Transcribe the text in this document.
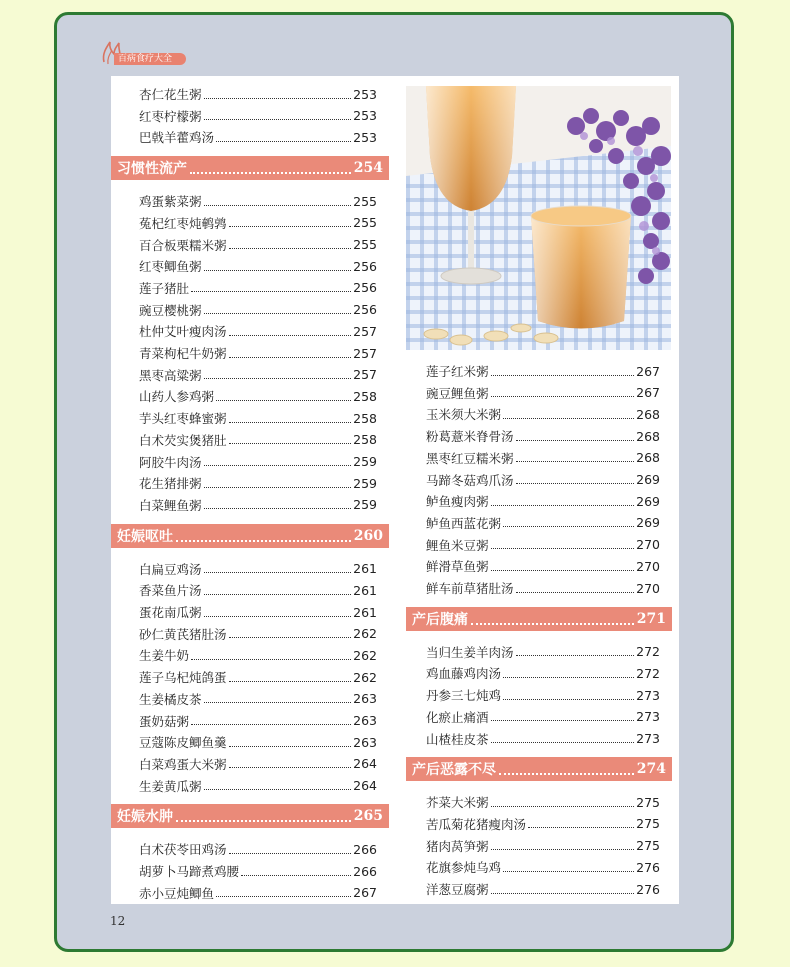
百病食疗大全
杏仁花生粥	253
红枣柠檬粥	253
巴戟羊藿鸡汤	253
习惯性流产	254
鸡蛋紫菜粥	255
菟杞红枣炖鹌鹑	255
百合板栗糯米粥	255
红枣鲫鱼粥	256
莲子猪肚	256
豌豆樱桃粥	256
杜仲艾叶瘦肉汤	257
青菜枸杞牛奶粥	257
黑枣高粱粥	257
山药人参鸡粥	258
芋头红枣蜂蜜粥	258
白术芡实煲猪肚	258
阿胶牛肉汤	259
花生猪排粥	259
白菜鲤鱼粥	259
妊娠呕吐	260
白扁豆鸡汤	261
香菜鱼片汤	261
蛋花南瓜粥	261
砂仁黄芪猪肚汤	262
生姜牛奶	262
莲子乌杞炖鸽蛋	262
生姜橘皮茶	263
蛋奶菇粥	263
豆蔻陈皮鲫鱼羹	263
白菜鸡蛋大米粥	264
生姜黄瓜粥	264
妊娠水肿	265
白术茯苓田鸡汤	266
胡萝卜马蹄煮鸡腰	266
赤小豆炖鲫鱼	267
莲子红米粥	267
豌豆鲤鱼粥	267
玉米须大米粥	268
粉葛薏米脊骨汤	268
黑枣红豆糯米粥	268
马蹄冬菇鸡爪汤	269
鲈鱼瘦肉粥	269
鲈鱼西蓝花粥	269
鲤鱼米豆粥	270
鲜滑草鱼粥	270
鲜车前草猪肚汤	270
产后腹痛	271
当归生姜羊肉汤	272
鸡血藤鸡肉汤	272
丹参三七炖鸡	273
化瘀止痛酒	273
山楂桂皮茶	273
产后恶露不尽	274
芥菜大米粥	275
苦瓜菊花猪瘦肉汤	275
猪肉莴笋粥	275
花旗参炖乌鸡	276
洋葱豆腐粥	276
12
